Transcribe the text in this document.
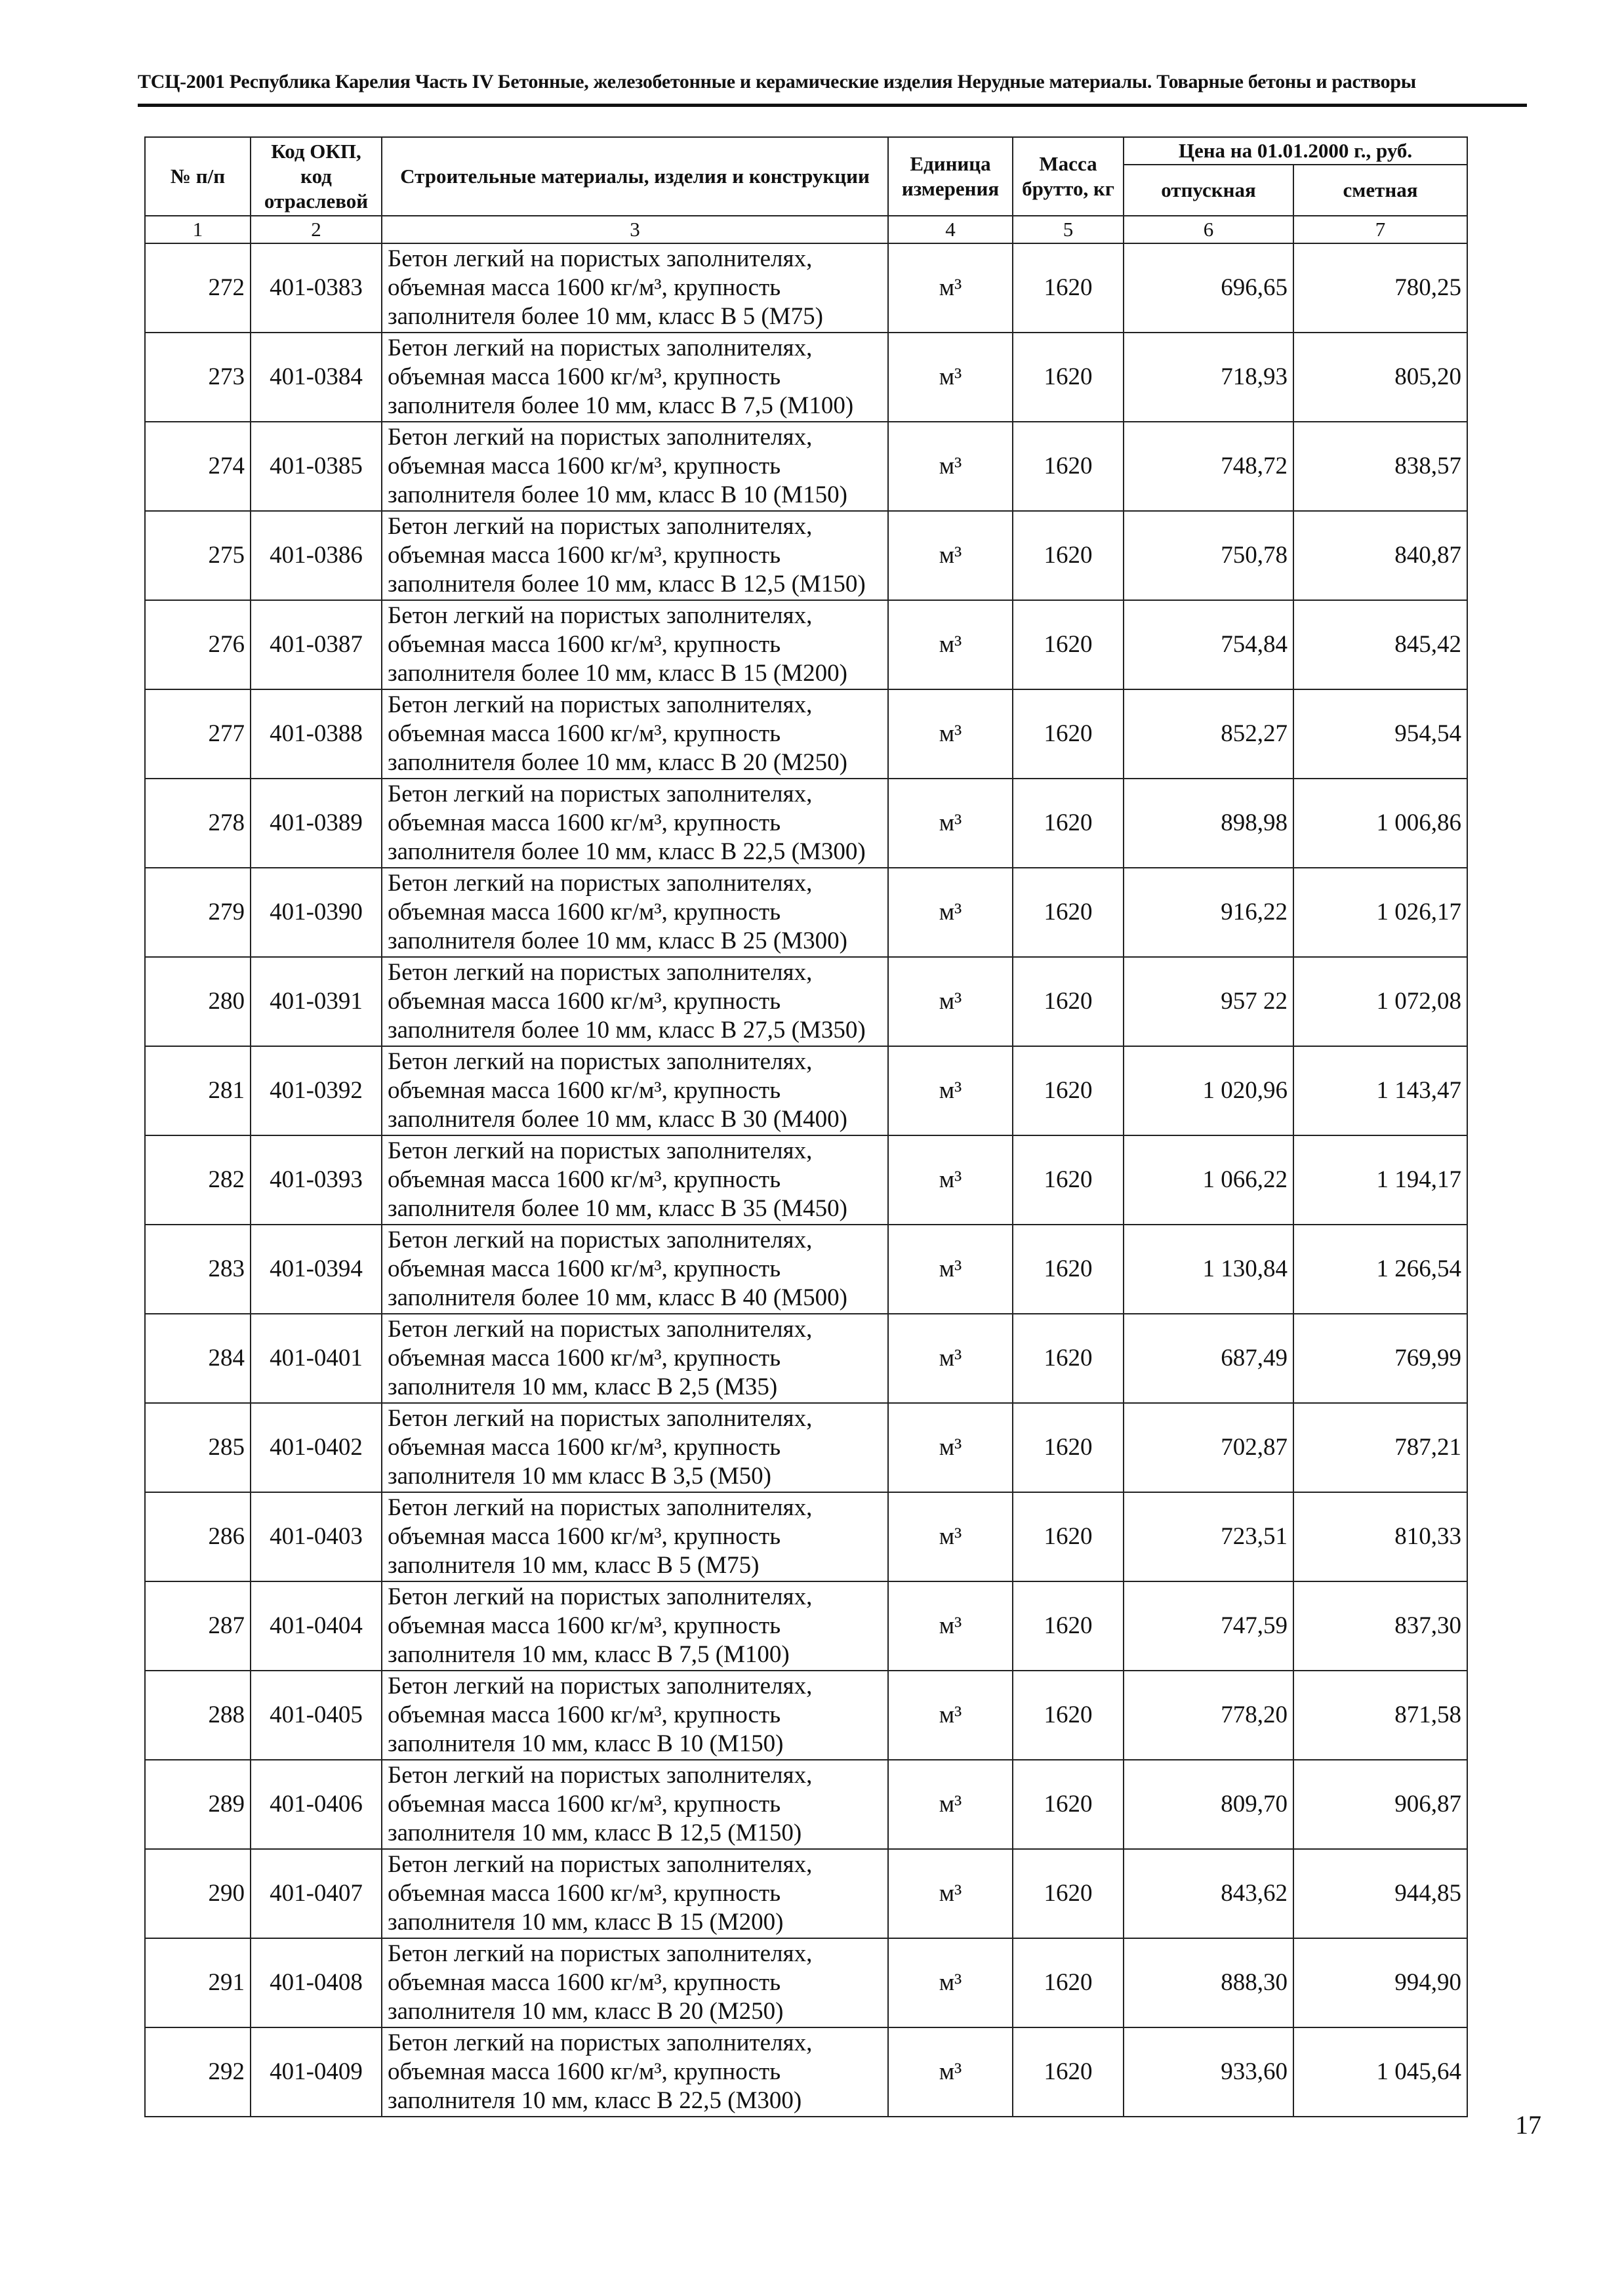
ТСЦ-2001 Республика Карелия Часть IV Бетонные, железобетонные и керамические изделия Нерудные материалы. Товарные бетоны и растворы
№ п/п	Код ОКП, код отраслевой	Строительные материалы, изделия и конструкции	Единица измерения	Масса брутто, кг	Цена на 01.01.2000 г., руб.	
					отпускная	сметная
1	2	3	4	5	6	7
272	401-0383	Бетон легкий на пористых заполнителях, объемная масса 1600 кг/м³, крупность заполнителя более 10 мм, класс В 5 (М75)	м³	1620	696,65	780,25
273	401-0384	Бетон легкий на пористых заполнителях, объемная масса 1600 кг/м³, крупность заполнителя более 10 мм, класс В 7,5 (М100)	м³	1620	718,93	805,20
274	401-0385	Бетон легкий на пористых заполнителях, объемная масса 1600 кг/м³, крупность заполнителя более 10 мм, класс В 10 (М150)	м³	1620	748,72	838,57
275	401-0386	Бетон легкий на пористых заполнителях, объемная масса 1600 кг/м³, крупность заполнителя более 10 мм, класс В 12,5 (М150)	м³	1620	750,78	840,87
276	401-0387	Бетон легкий на пористых заполнителях, объемная масса 1600 кг/м³, крупность заполнителя более 10 мм, класс В 15 (М200)	м³	1620	754,84	845,42
277	401-0388	Бетон легкий на пористых заполнителях, объемная масса 1600 кг/м³, крупность заполнителя более 10 мм, класс В 20 (М250)	м³	1620	852,27	954,54
278	401-0389	Бетон легкий на пористых заполнителях, объемная масса 1600 кг/м³, крупность заполнителя более 10 мм, класс В 22,5 (М300)	м³	1620	898,98	1 006,86
279	401-0390	Бетон легкий на пористых заполнителях, объемная масса 1600 кг/м³, крупность заполнителя более 10 мм, класс В 25 (М300)	м³	1620	916,22	1 026,17
280	401-0391	Бетон легкий на пористых заполнителях, объемная масса 1600 кг/м³, крупность заполнителя более 10 мм, класс В 27,5 (М350)	м³	1620	957 22	1 072,08
281	401-0392	Бетон легкий на пористых заполнителях, объемная масса 1600 кг/м³, крупность заполнителя более 10 мм, класс В 30 (М400)	м³	1620	1 020,96	1 143,47
282	401-0393	Бетон легкий на пористых заполнителях, объемная масса 1600 кг/м³, крупность заполнителя более 10 мм, класс В 35 (М450)	м³	1620	1 066,22	1 194,17
283	401-0394	Бетон легкий на пористых заполнителях, объемная масса 1600 кг/м³, крупность заполнителя более 10 мм, класс В 40 (М500)	м³	1620	1 130,84	1 266,54
284	401-0401	Бетон легкий на пористых заполнителях, объемная масса 1600 кг/м³, крупность заполнителя 10 мм, класс В 2,5 (М35)	м³	1620	687,49	769,99
285	401-0402	Бетон легкий на пористых заполнителях, объемная масса 1600 кг/м³, крупность заполнителя 10 мм класс В 3,5 (М50)	м³	1620	702,87	787,21
286	401-0403	Бетон легкий на пористых заполнителях, объемная масса 1600 кг/м³, крупность заполнителя 10 мм, класс В 5 (М75)	м³	1620	723,51	810,33
287	401-0404	Бетон легкий на пористых заполнителях, объемная масса 1600 кг/м³, крупность заполнителя 10 мм, класс В 7,5 (М100)	м³	1620	747,59	837,30
288	401-0405	Бетон легкий на пористых заполнителях, объемная масса 1600 кг/м³, крупность заполнителя 10 мм, класс В 10 (М150)	м³	1620	778,20	871,58
289	401-0406	Бетон легкий на пористых заполнителях, объемная масса 1600 кг/м³, крупность заполнителя 10 мм, класс В 12,5 (М150)	м³	1620	809,70	906,87
290	401-0407	Бетон легкий на пористых заполнителях, объемная масса 1600 кг/м³, крупность заполнителя 10 мм, класс В 15 (М200)	м³	1620	843,62	944,85
291	401-0408	Бетон легкий на пористых заполнителях, объемная масса 1600 кг/м³, крупность заполнителя 10 мм, класс В 20 (М250)	м³	1620	888,30	994,90
292	401-0409	Бетон легкий на пористых заполнителях, объемная масса 1600 кг/м³, крупность заполнителя 10 мм, класс В 22,5 (М300)	м³	1620	933,60	1 045,64
17
